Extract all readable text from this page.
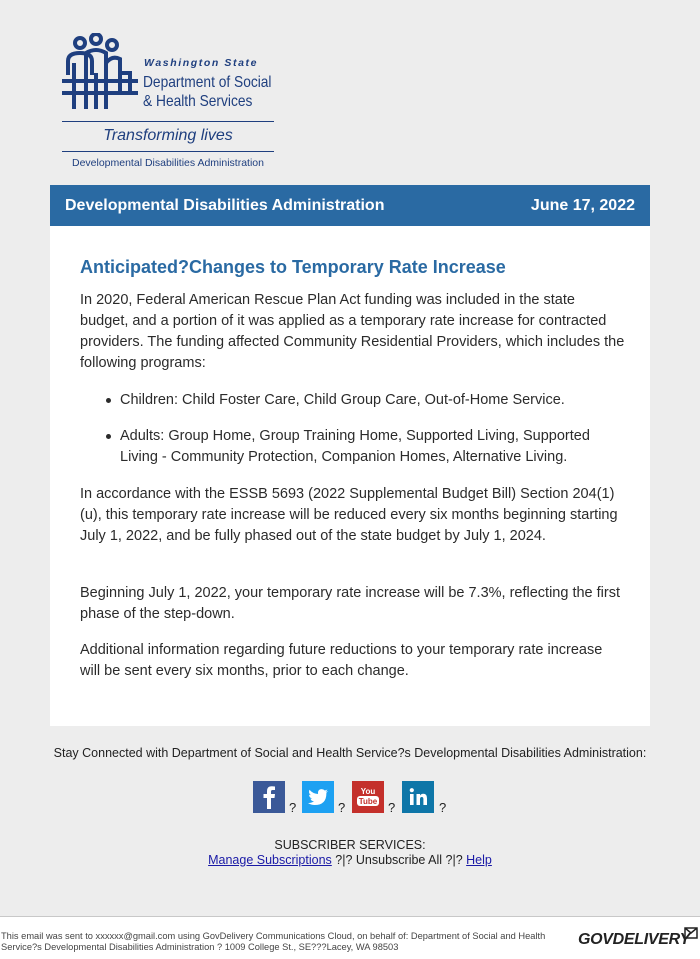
Washington State
Department of Social
& Health Services
Transforming lives
Developmental Disabilities Administration
Developmental Disabilities Administration	June 17, 2022
Anticipated?Changes to Temporary Rate Increase

In 2020, Federal American Rescue Plan Act funding was included in the state budget, and a portion of it was applied as a temporary rate increase for contracted providers. The funding affected Community Residential Providers, which includes the following programs:

Children: Child Foster Care, Child Group Care, Out-of-Home Service.
Adults: Group Home, Group Training Home, Supported Living, Supported Living - Community Protection, Companion Homes, Alternative Living.

In accordance with the ESSB 5693 (2022 Supplemental Budget Bill) Section 204(1)(u), this temporary rate increase will be reduced every six months beginning starting July 1, 2022, and be fully phased out of the state budget by July 1, 2024.

Beginning July 1, 2022, your temporary rate increase will be 7.3%, reflecting the first phase of the step-down.

Additional information regarding future reductions to your temporary rate increase will be sent every six months, prior to each change.

Stay Connected with Department of Social and Health Service?s Developmental Disabilities Administration:
?	?
You
Tube ?	?
SUBSCRIBER SERVICES:
Manage Subscriptions ?|? Unsubscribe All ?|? Help
This email was sent to xxxxxx@gmail.com using GovDelivery Communications Cloud, on behalf of: Department of Social and Health Service?s Developmental Disabilities Administration ? 1009 College St., SE???Lacey, WA 98503	GOVDELIVERY
